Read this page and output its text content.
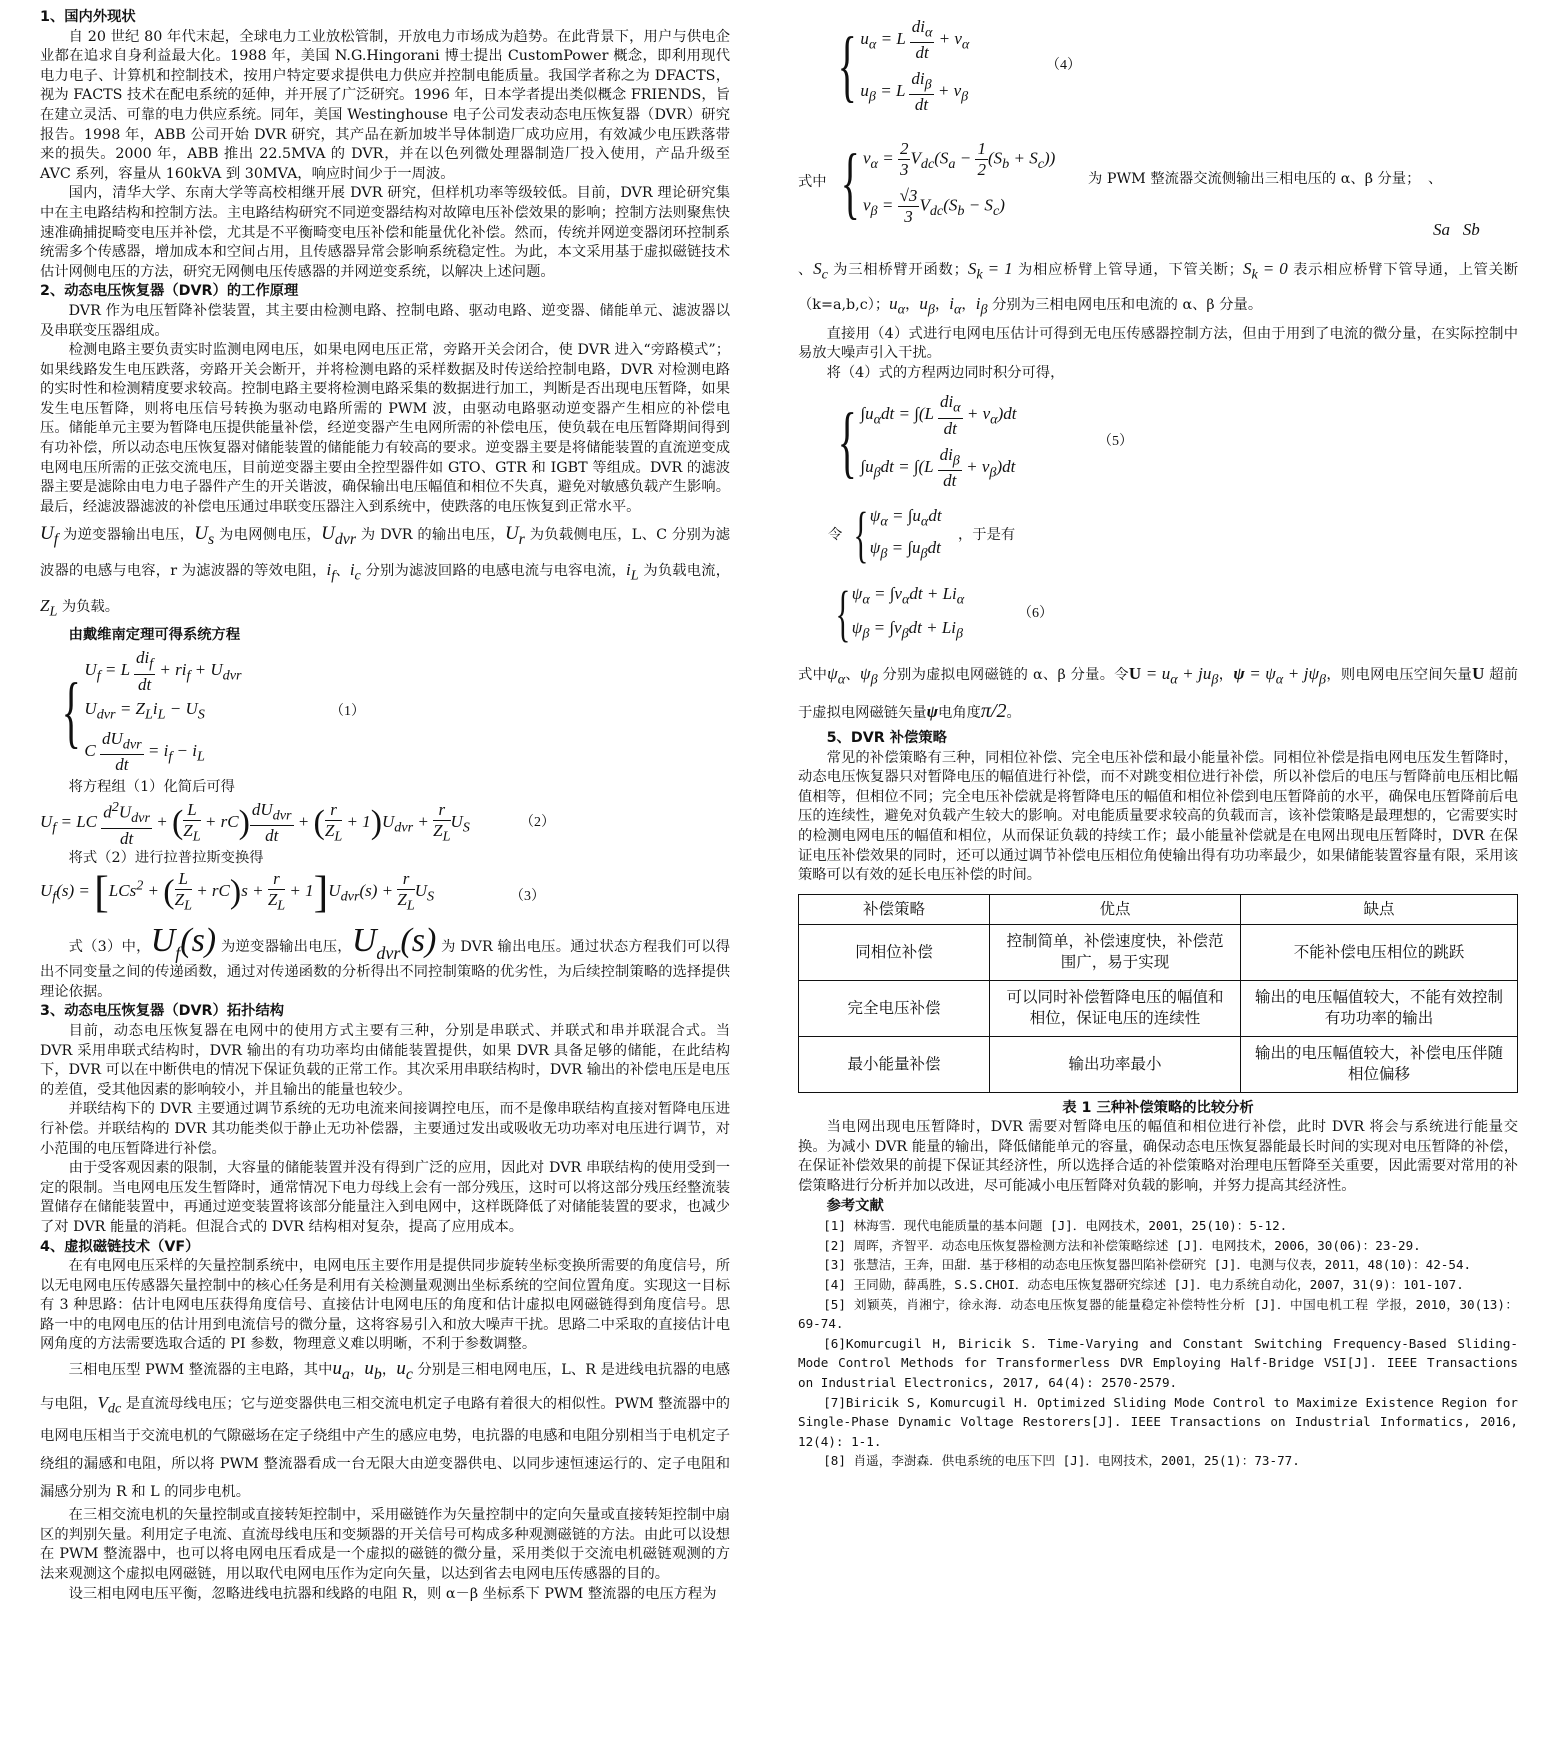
1、国内外现状

自 20 世纪 80 年代末起，全球电力工业放松管制，开放电力市场成为趋势。在此背景下，用户与供电企业都在追求自身利益最大化。1988 年，美国 N.G.Hingorani 博士提出 CustomPower 概念，即利用现代电力电子、计算机和控制技术，按用户特定要求提供电力供应并控制电能质量。我国学者称之为 DFACTS，视为 FACTS 技术在配电系统的延伸，并开展了广泛研究。1996 年，日本学者提出类似概念 FRIENDS，旨在建立灵活、可靠的电力供应系统。同年，美国 Westinghouse 电子公司发表动态电压恢复器（DVR）研究报告。1998 年，ABB 公司开始 DVR 研究，其产品在新加坡半导体制造厂成功应用，有效减少电压跌落带来的损失。2000 年，ABB 推出 22.5MVA 的 DVR，并在以色列微处理器制造厂投入使用，产品升级至 AVC 系列，容量从 160kVA 到 30MVA，响应时间少于一周波。

国内，清华大学、东南大学等高校相继开展 DVR 研究，但样机功率等级较低。目前，DVR 理论研究集中在主电路结构和控制方法。主电路结构研究不同逆变器结构对故障电压补偿效果的影响；控制方法则聚焦快速准确捕捉畸变电压并补偿，尤其是不平衡畸变电压补偿和能量优化补偿。然而，传统并网逆变器闭环控制系统需多个传感器，增加成本和空间占用，且传感器异常会影响系统稳定性。为此，本文采用基于虚拟磁链技术估计网侧电压的方法，研究无网侧电压传感器的并网逆变系统，以解决上述问题。

2、动态电压恢复器（DVR）的工作原理

DVR 作为电压暂降补偿装置，其主要由检测电路、控制电路、驱动电路、逆变器、储能单元、滤波器以及串联变压器组成。

检测电路主要负责实时监测电网电压，如果电网电压正常，旁路开关会闭合，使 DVR 进入“旁路模式”；如果线路发生电压跌落，旁路开关会断开，并将检测电路的采样数据及时传送给控制电路，DVR 对检测电路的实时性和检测精度要求较高。控制电路主要将检测电路采集的数据进行加工，判断是否出现电压暂降，如果发生电压暂降，则将电压信号转换为驱动电路所需的 PWM 波，由驱动电路驱动逆变器产生相应的补偿电压。储能单元主要为暂降电压提供能量补偿，经逆变器产生电网所需的补偿电压，使负载在电压暂降期间得到有功补偿，所以动态电压恢复器对储能装置的储能能力有较高的要求。逆变器主要是将储能装置的直流逆变成电网电压所需的正弦交流电压，目前逆变器主要由全控型器件如 GTO、GTR 和 IGBT 等组成。DVR 的滤波器主要是滤除由电力电子器件产生的开关谐波，确保输出电压幅值和相位不失真，避免对敏感负载产生影响。最后，经滤波器滤波的补偿电压通过串联变压器注入到系统中，使跌落的电压恢复到正常水平。

$U_f$ 为逆变器输出电压，$U_s$ 为电网侧电压，$U_{dvr}$ 为 DVR 的输出电压，$U_r$ 为负载侧电压，L、C 分别为滤波器的电感与电容，r 为滤波器的等效电阻，$i_f$、$i_c$ 分别为滤波回路的电感电流与电容电流，$i_L$ 为负载电流，$Z_L$ 为负载。

由戴维南定理可得系统方程
{ $U_f = L \frac{di_f}{dt} + ri_f + U_{dvr}$
$U_{dvr} = Z_Li_L - U_S$
C $\frac{dU_{dvr}}{dt} = i_f - i_L$
（1）

将方程组（1）化简后可得

$U_f$ = LC $\frac{d^2U_{dvr}}{dt}$ + ( $\frac{L}{Z_L} + rC) \frac{dU_{dvr}}{dt}$ + ( $\frac{r}{Z_L} + 1)U_{dvr} + \frac{r}{Z_L} U_S$	（2）

将式（2）进行拉普拉斯变换得

$U_f(s) = [LCs^2$ + ( $\frac{L}{Z_L} + rC)s + \frac{r}{Z_L} + 1]U_{dvr}(s) + \frac{r}{Z_L} U_S$	（3）

式（3）中，$U_f(s)$ 为逆变器输出电压，$U_{dvr}(s)$ 为 DVR 输出电压。通过状态方程我们可以得出不同变量之间的传递函数，通过对传递函数的分析得出不同控制策略的优劣性，为后续控制策略的选择提供理论依据。

3、动态电压恢复器（DVR）拓扑结构

目前，动态电压恢复器在电网中的使用方式主要有三种，分别是串联式、并联式和串并联混合式。当 DVR 采用串联式结构时，DVR 输出的有功功率均由储能装置提供，如果 DVR 具备足够的储能，在此结构下，DVR 可以在中断供电的情况下保证负载的正常工作。其次采用串联结构时，DVR 输出的补偿电压是电压的差值，受其他因素的影响较小，并且输出的能量也较少。

并联结构下的 DVR 主要通过调节系统的无功电流来间接调控电压，而不是像串联结构直接对暂降电压进行补偿。并联结构的 DVR 其功能类似于静止无功补偿器，主要通过发出或吸收无功功率对电压进行调节，对小范围的电压暂降进行补偿。

由于受客观因素的限制，大容量的储能装置并没有得到广泛的应用，因此对 DVR 串联结构的使用受到一定的限制。当电网电压发生暂降时，通常情况下电力母线上会有一部分残压，这时可以将这部分残压经整流装置储存在储能装置中，再通过逆变装置将该部分能量注入到电网中，这样既降低了对储能装置的要求，也减少了对 DVR 能量的消耗。但混合式的 DVR 结构相对复杂，提高了应用成本。

4、虚拟磁链技术（VF）

在有电网电压采样的矢量控制系统中，电网电压主要作用是提供同步旋转坐标变换所需要的角度信号，所以无电网电压传感器矢量控制中的核心任务是利用有关检测量观测出坐标系统的空间位置角度。实现这一目标有 3 种思路：估计电网电压获得角度信号、直接估计电网电压的角度和估计虚拟电网磁链得到角度信号。思路一中的电网电压的估计用到电流信号的微分量，这将容易引入和放大噪声干扰。思路二中采取的直接估计电网角度的方法需要选取合适的 PI 参数，物理意义难以明晰，不利于参数调整。

三相电压型 PWM 整流器的主电路，其中$u_a$，$u_b$，$u_c$ 分别是三相电网电压，L、R 是进线电抗器的电感与电阻，$V_{dc}$ 是直流母线电压；它与逆变器供电三相交流电机定子电路有着很大的相似性。PWM 整流器中的电网电压相当于交流电机的气隙磁场在定子绕组中产生的感应电势，电抗器的电感和电阻分别相当于电机定子绕组的漏感和电阻，所以将 PWM 整流器看成一台无限大由逆变器供电、以同步速恒速运行的、定子电阻和漏感分别为 R 和 L 的同步电机。

在三相交流电机的矢量控制或直接转矩控制中，采用磁链作为矢量控制中的定向矢量或直接转矩控制中扇区的判别矢量。利用定子电流、直流母线电压和变频器的开关信号可构成多种观测磁链的方法。由此可以设想在 PWM 整流器中，也可以将电网电压看成是一个虚拟的磁链的微分量，采用类似于交流电机磁链观测的方法来观测这个虚拟电网磁链，用以取代电网电压作为定向矢量，以达到省去电网电压传感器的目的。

设三相电网电压平衡，忽略进线电抗器和线路的电阻 R，则 α－β 坐标系下 PWM 整流器的电压方程为

{ $u_\alpha = L \frac{di_\alpha}{dt} + v_\alpha$
$u_\beta = L \frac{di_\beta}{dt} + v_\beta$
（4）
式中 { $v_\alpha = \frac{2}{3} V_{dc}(S_a - \frac{1}{2} (S_b + S_c))$
$v_\beta = \frac{√3}{3} V_{dc}(S_b - S_c)$
为 PWM 整流器交流侧输出三相电压的 α、β 分量； 、
Sa   Sb

、$S_c$ 为三相桥臂开函数；$S_k = 1$ 为相应桥臂上管导通，下管关断；$S_k = 0$ 表示相应桥臂下管导通，上管关断（k=a,b,c）；$u_\alpha$，$u_\beta$，$i_\alpha$，$i_\beta$ 分别为三相电网电压和电流的 α、β 分量。

直接用（4）式进行电网电压估计可得到无电压传感器控制方法，但由于用到了电流的微分量，在实际控制中易放大噪声引入干扰。

将（4）式的方程两边同时积分可得，

{ $\int u_\alpha dt = \int(L \frac{di_\alpha}{dt} + v_\alpha)dt$
$\int u_\beta dt = \int(L \frac{di_\beta}{dt} + v_\beta)dt$
（5）
令 { $\psi_\alpha = \int u_\alpha dt$
$\psi_\beta = \int u_\beta dt$
，于是有
{ $\psi_\alpha = \int v_\alpha dt + Li_\alpha$
$\psi_\beta = \int v_\beta dt + Li_\beta$
（6）

式中$\psi_\alpha$、$\psi_\beta$ 分别为虚拟电网磁链的 α、β 分量。令$U = u_\alpha + ju_\beta$，$\psi = \psi_\alpha + j\psi_\beta$，则电网电压空间矢量U 超前于虚拟电网磁链矢量ψ电角度π/2。

5、DVR 补偿策略

常见的补偿策略有三种，同相位补偿、完全电压补偿和最小能量补偿。同相位补偿是指电网电压发生暂降时，动态电压恢复器只对暂降电压的幅值进行补偿，而不对跳变相位进行补偿，所以补偿后的电压与暂降前电压相比幅值相等，但相位不同；完全电压补偿就是将暂降电压的幅值和相位补偿到电压暂降前的水平，确保电压暂降前后电压的连续性，避免对负载产生较大的影响。对电能质量要求较高的负载而言，该补偿策略是最理想的，它需要实时的检测电网电压的幅值和相位，从而保证负载的持续工作；最小能量补偿就是在电网出现电压暂降时，DVR 在保证电压补偿效果的同时，还可以通过调节补偿电压相位角使输出得有功功率最少，如果储能装置容量有限，采用该策略可以有效的延长电压补偿的时间。

补偿策略	优点	缺点
同相位补偿	控制简单，补偿速度快，补偿范围广，易于实现	不能补偿电压相位的跳跃
完全电压补偿	可以同时补偿暂降电压的幅值和相位，保证电压的连续性	输出的电压幅值较大，不能有效控制有功功率的输出
最小能量补偿	输出功率最小	输出的电压幅值较大，补偿电压伴随相位偏移

表 1 三种补偿策略的比较分析

当电网出现电压暂降时，DVR 需要对暂降电压的幅值和相位进行补偿，此时 DVR 将会与系统进行能量交换。为减小 DVR 能量的输出，降低储能单元的容量，确保动态电压恢复器能最长时间的实现对电压暂降的补偿，在保证补偿效果的前提下保证其经济性，所以选择合适的补偿策略对治理电压暂降至关重要，因此需要对常用的补偿策略进行分析并加以改进，尽可能减小电压暂降对负载的影响，并努力提高其经济性。

参考文献

[1] 林海雪．现代电能质量的基本问题 [J]．电网技术，2001，25(10)：5-12.

[2] 周晖，齐智平．动态电压恢复器检测方法和补偿策略综述 [J]．电网技术，2006，30(06)：23-29.

[3] 张慧洁，王奔，田甜．基于移相的动态电压恢复器凹陷补偿研究 [J]．电测与仪表，2011，48(10)：42-54.

[4] 王同勋，薛禹胜，S.S.CHOI．动态电压恢复器研究综述 [J]．电力系统自动化，2007，31(9)：101-107.

[5] 刘颖英，肖湘宁，徐永海．动态电压恢复器的能量稳定补偿特性分析 [J]．中国电机工程 学报，2010，30(13)：69-74.

[6]Komurcugil H, Biricik S. Time-Varying and Constant Switching Frequency-Based Sliding-Mode Control Methods for Transformerless DVR Employing Half-Bridge VSI[J]. IEEE Transactions on Industrial Electronics, 2017, 64(4): 2570-2579.

[7]Biricik S, Komurcugil H. Optimized Sliding Mode Control to Maximize Existence Region for Single-Phase Dynamic Voltage Restorers[J]. IEEE Transactions on Industrial Informatics, 2016, 12(4): 1-1.

[8] 肖遥，李澍森．供电系统的电压下凹 [J]．电网技术，2001，25(1)：73-77.
